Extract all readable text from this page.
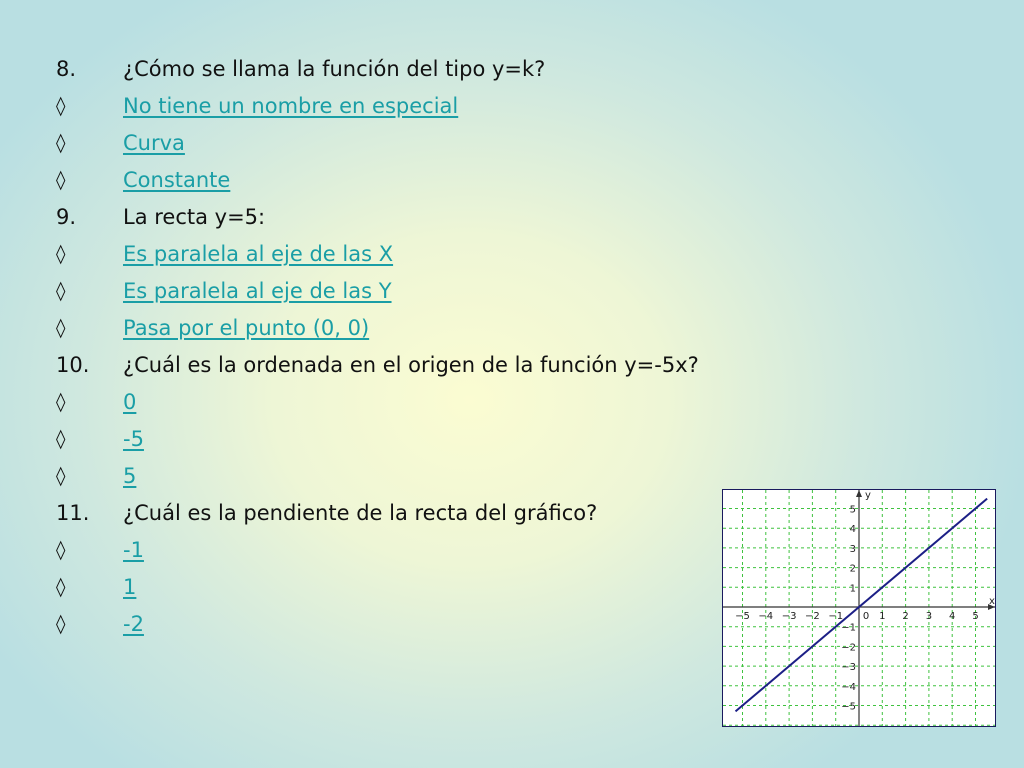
8.	¿Cómo se llama la función del tipo y=k?
◊	No tiene un nombre en especial
◊	Curva
◊	Constante
9.	La recta y=5:
◊	Es paralela al eje de las X
◊	Es paralela al eje de las Y
◊	Pasa por el punto (0, 0)
10.	¿Cuál es la ordenada en el origen de la función y=-5x?
◊	0
◊	-5
◊	5
11.	¿Cuál es la pendiente de la recta del gráfico?
◊	-1
◊	1
◊	-2	−5 −4 −3 −2 −1 0 1 2 3 4 5
5
4
3
2
1
−1
−2
−3
−4
−5
x
y
